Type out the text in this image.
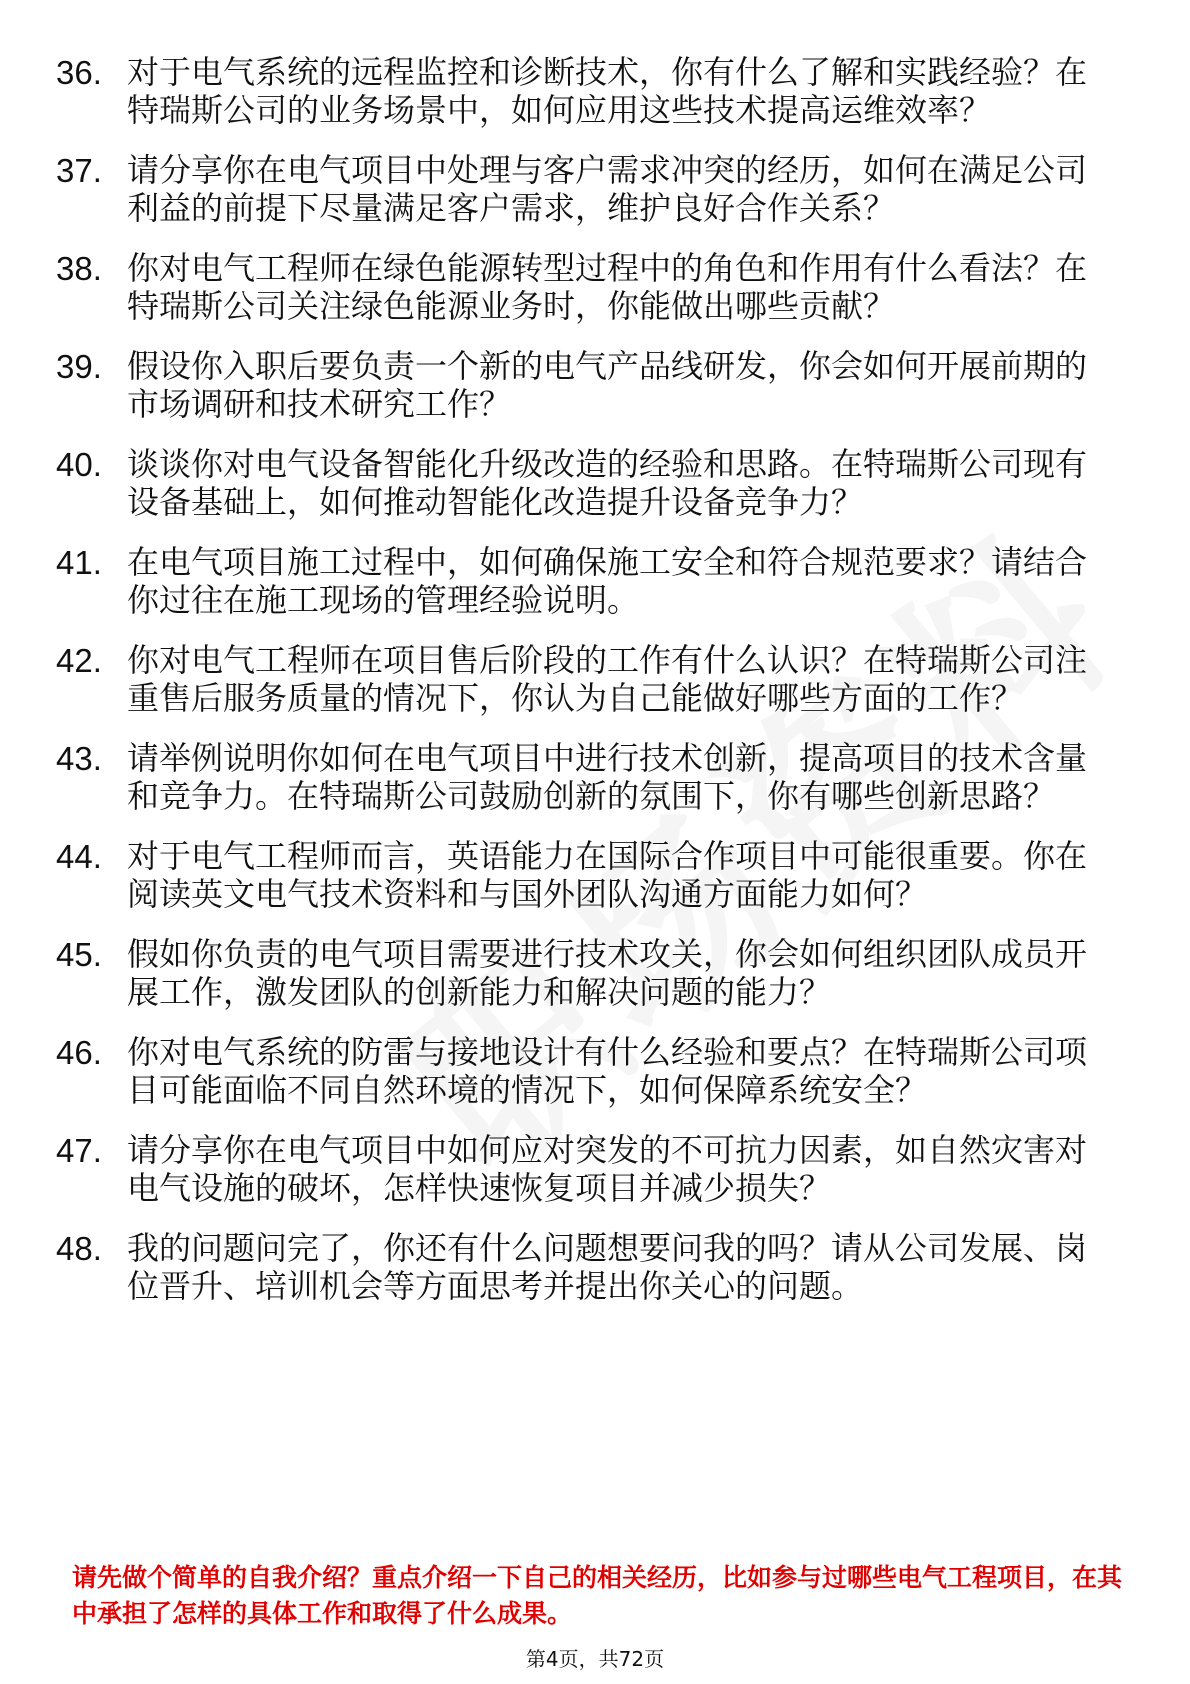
36. 对于电气系统的远程监控和诊断技术，你有什么了解和实践经验？在特瑞斯公司的业务场景中，如何应用这些技术提高运维效率？
37. 请分享你在电气项目中处理与客户需求冲突的经历，如何在满足公司利益的前提下尽量满足客户需求，维护良好合作关系？
38. 你对电气工程师在绿色能源转型过程中的角色和作用有什么看法？在特瑞斯公司关注绿色能源业务时，你能做出哪些贡献？
39. 假设你入职后要负责一个新的电气产品线研发，你会如何开展前期的市场调研和技术研究工作？
40. 谈谈你对电气设备智能化升级改造的经验和思路。在特瑞斯公司现有设备基础上，如何推动智能化改造提升设备竞争力？
41. 在电气项目施工过程中，如何确保施工安全和符合规范要求？请结合你过往在施工现场的管理经验说明。
42. 你对电气工程师在项目售后阶段的工作有什么认识？在特瑞斯公司注重售后服务质量的情况下，你认为自己能做好哪些方面的工作？
43. 请举例说明你如何在电气项目中进行技术创新，提高项目的技术含量和竞争力。在特瑞斯公司鼓励创新的氛围下，你有哪些创新思路？
44. 对于电气工程师而言，英语能力在国际合作项目中可能很重要。你在阅读英文电气技术资料和与国外团队沟通方面能力如何？
45. 假如你负责的电气项目需要进行技术攻关，你会如何组织团队成员开展工作，激发团队的创新能力和解决问题的能力？
46. 你对电气系统的防雷与接地设计有什么经验和要点？在特瑞斯公司项目可能面临不同自然环境的情况下，如何保障系统安全？
47. 请分享你在电气项目中如何应对突发的不可抗力因素，如自然灾害对电气设施的破坏，怎样快速恢复项目并减少损失？
48. 我的问题问完了，你还有什么问题想要问我的吗？请从公司发展、岗位晋升、培训机会等方面思考并提出你关心的问题。
请先做个简单的自我介绍？重点介绍一下自己的相关经历，比如参与过哪些电气工程项目，在其中承担了怎样的具体工作和取得了什么成果。
第4页，共72页
